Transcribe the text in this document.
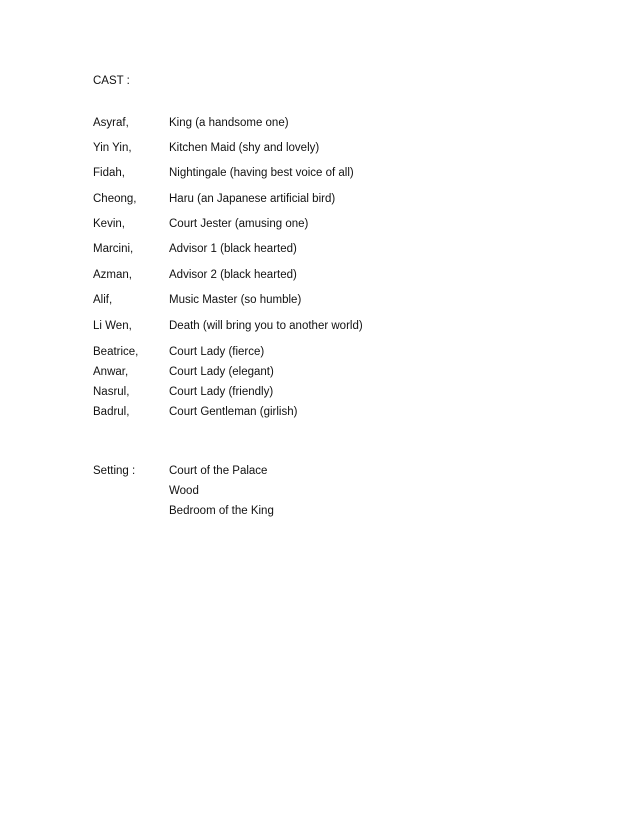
CAST :
Asyraf,	King (a handsome one)
Yin Yin,	Kitchen Maid (shy and lovely)
Fidah,	Nightingale (having best voice of all)
Cheong,	Haru (an Japanese artificial bird)
Kevin,	Court Jester (amusing one)
Marcini,	Advisor 1 (black hearted)
Azman,	Advisor 2 (black hearted)
Alif,	Music Master (so humble)
Li Wen,	Death (will bring you to another world)
Beatrice,	Court Lady (fierce)
Anwar,	Court Lady (elegant)
Nasrul,	Court Lady (friendly)
Badrul,	Court Gentleman (girlish)
Setting :	Court of the Palace
Wood
Bedroom of the King
